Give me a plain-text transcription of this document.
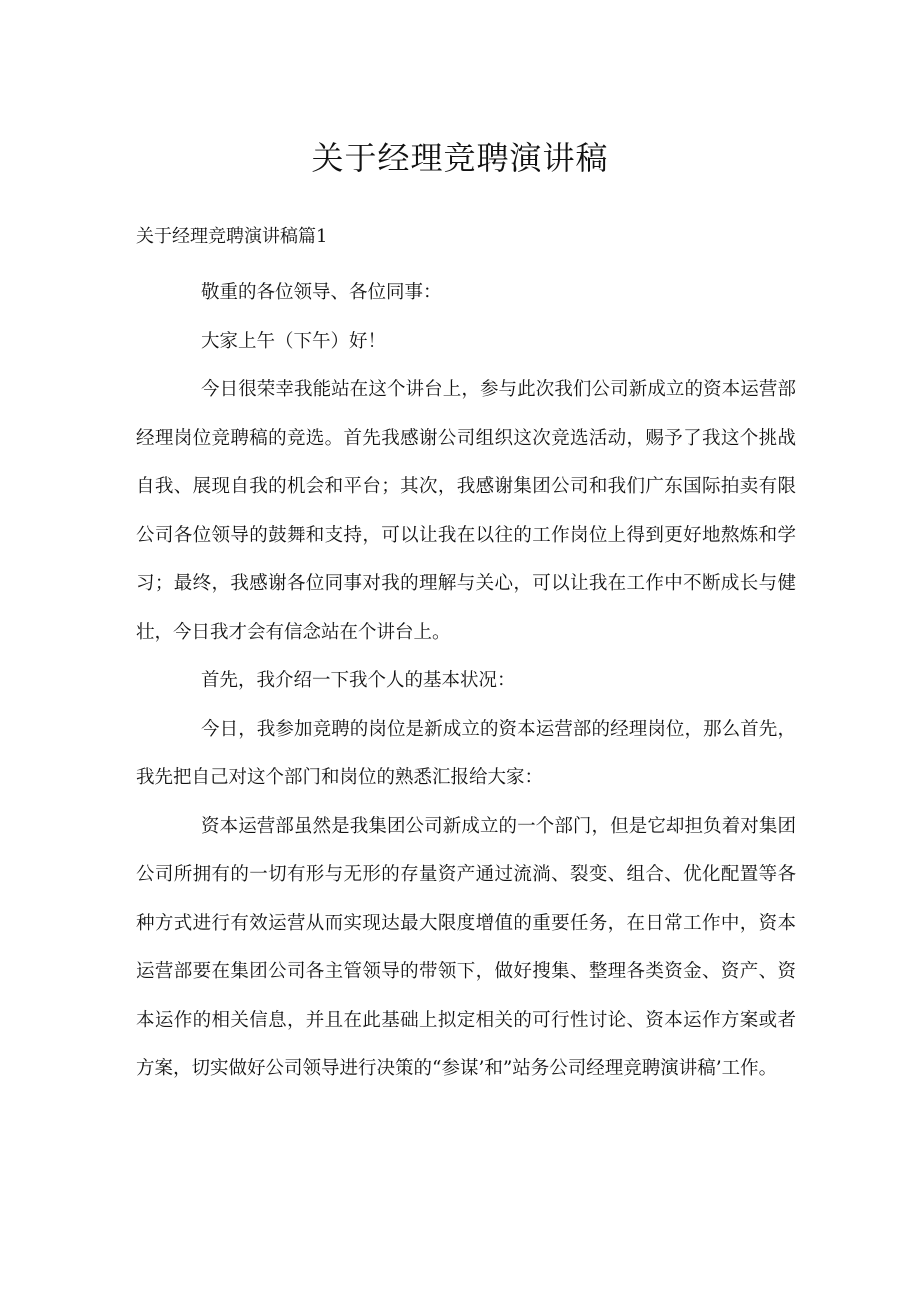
关于经理竞聘演讲稿
关于经理竞聘演讲稿篇1

敬重的各位领导、各位同事：

大家上午（下午）好！

今日很荣幸我能站在这个讲台上，参与此次我们公司新成立的资本运营部经理岗位竞聘稿的竞选。首先我感谢公司组织这次竞选活动，赐予了我这个挑战自我、展现自我的机会和平台；其次，我感谢集团公司和我们广东国际拍卖有限公司各位领导的鼓舞和支持，可以让我在以往的工作岗位上得到更好地熬炼和学习；最终，我感谢各位同事对我的理解与关心，可以让我在工作中不断成长与健壮，今日我才会有信念站在个讲台上。

首先，我介绍一下我个人的基本状况：

今日，我参加竞聘的岗位是新成立的资本运营部的经理岗位，那么首先，我先把自己对这个部门和岗位的熟悉汇报给大家：

资本运营部虽然是我集团公司新成立的一个部门，但是它却担负着对集团公司所拥有的一切有形与无形的存量资产通过流淌、裂变、组合、优化配置等各种方式进行有效运营从而实现达最大限度增值的重要任务，在日常工作中，资本运营部要在集团公司各主管领导的带领下，做好搜集、整理各类资金、资产、资本运作的相关信息，并且在此基础上拟定相关的可行性讨论、资本运作方案或者方案，切实做好公司领导进行决策的“参谋’和”站务公司经理竞聘演讲稿’工作。
